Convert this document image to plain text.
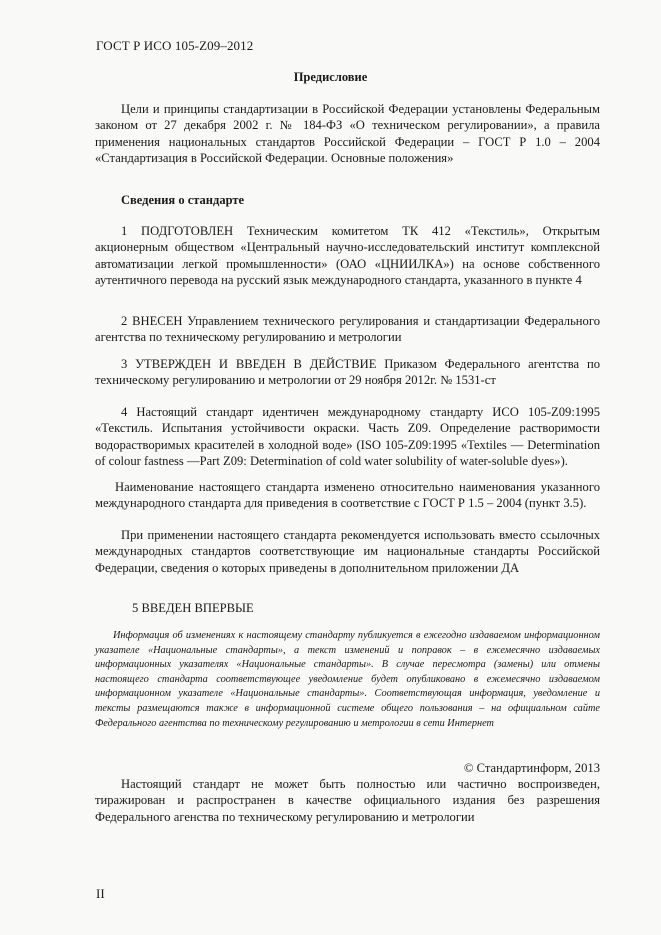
ГОСТ Р ИСО 105-Z09–2012
Предисловие

Цели и принципы стандартизации в Российской Федерации установлены Федеральным законом от 27 декабря 2002 г. № 184-ФЗ «О техническом регулировании», а правила применения национальных стандартов Российской Федерации – ГОСТ Р 1.0 – 2004 «Стандартизация в Российской Федерации. Основные положения»

Сведения о стандарте

1 ПОДГОТОВЛЕН Техническим комитетом ТК 412 «Текстиль», Открытым акционерным обществом «Центральный научно-исследовательский институт комплексной автоматизации легкой промышленности» (ОАО «ЦНИИЛКА») на основе собственного аутентичного перевода на русский язык международного стандарта, указанного в пункте 4

2 ВНЕСЕН Управлением технического регулирования и стандартизации Федерального агентства по техническому регулированию и метрологии

3 УТВЕРЖДЕН И ВВЕДЕН В ДЕЙСТВИЕ Приказом Федерального агентства по техническому регулированию и метрологии от 29 ноября 2012г. № 1531-ст

4 Настоящий стандарт идентичен международному стандарту ИСО 105-Z09:1995 «Текстиль. Испытания устойчивости окраски. Часть Z09. Определение растворимости водорастворимых красителей в холодной воде» (ISO 105-Z09:1995 «Textiles — Determination of colour fastness —Part Z09: Determination of cold water solubility of water-soluble dyes»).

Наименование настоящего стандарта изменено относительно наименования указанного международного стандарта для приведения в соответствие с ГОСТ Р 1.5 – 2004 (пункт 3.5).

При применении настоящего стандарта рекомендуется использовать вместо ссылочных международных стандартов соответствующие им национальные стандарты Российской Федерации, сведения о которых приведены в дополнительном приложении ДА

5 ВВЕДЕН ВПЕРВЫЕ

Информация об изменениях к настоящему стандарту публикуется в ежегодно издаваемом информационном указателе «Национальные стандарты», а текст изменений и поправок – в ежемесячно издаваемых информационных указателях «Национальные стандарты». В случае пересмотра (замены) или отмены настоящего стандарта соответствующее уведомление будет опубликовано в ежемесячно издаваемом информационном указателе «Национальные стандарты». Соответствующая информация, уведомление и тексты размещаются также в информационной системе общего пользования – на официальном сайте Федерального агентства по техническому регулированию и метрологии в сети Интернет

© Стандартинформ, 2013

Настоящий стандарт не может быть полностью или частично воспроизведен, тиражирован и распространен в качестве официального издания без разрешения Федерального агенства по техническому регулированию и метрологии

II
